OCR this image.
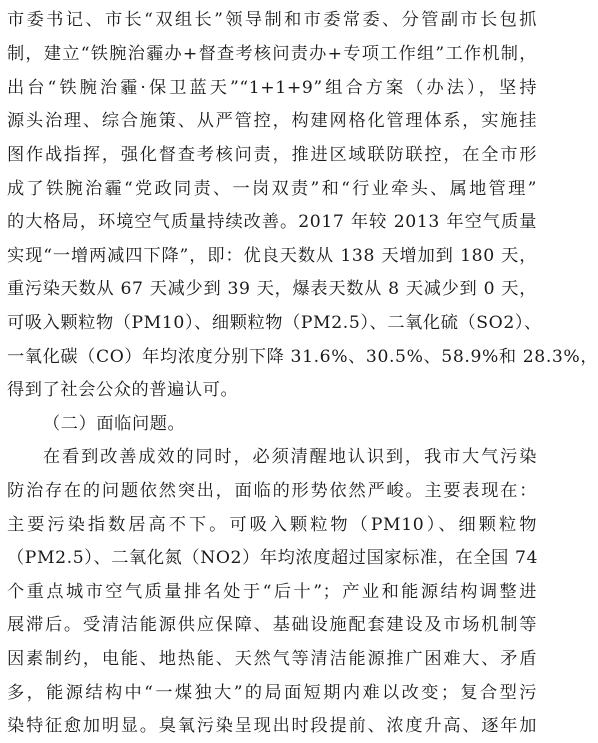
市委书记、市长“双组长”领导制和市委常委、分管副市长包抓
制，建立“铁腕治霾办+督查考核问责办+专项工作组”工作机制，
出台“铁腕治霾·保卫蓝天”“1+1+9”组合方案（办法），坚持
源头治理、综合施策、从严管控，构建网格化管理体系，实施挂
图作战指挥，强化督查考核问责，推进区域联防联控，在全市形
成了铁腕治霾“党政同责、一岗双责”和“行业牵头、属地管理”
的大格局，环境空气质量持续改善。2017 年较 2013 年空气质量
实现“一增两减四下降”，即：优良天数从 138 天增加到 180 天，
重污染天数从 67 天减少到 39 天，爆表天数从 8 天减少到 0 天，
可吸入颗粒物（PM10）、细颗粒物（PM2.5）、二氧化硫（SO2）、
一氧化碳（CO）年均浓度分别下降 31.6%、30.5%、58.9%和 28.3%，
得到了社会公众的普遍认可。
（二）面临问题。
在看到改善成效的同时，必须清醒地认识到，我市大气污染
防治存在的问题依然突出，面临的形势依然严峻。主要表现在：
主要污染指数居高不下。可吸入颗粒物（PM10）、细颗粒物
（PM2.5）、二氧化氮（NO2）年均浓度超过国家标准，在全国 74
个重点城市空气质量排名处于“后十”；产业和能源结构调整进
展滞后。受清洁能源供应保障、基础设施配套建设及市场机制等
因素制约，电能、地热能、天然气等清洁能源推广困难大、矛盾
多，能源结构中“一煤独大”的局面短期内难以改变；复合型污
染特征愈加明显。臭氧污染呈现出时段提前、浓度升高、逐年加
